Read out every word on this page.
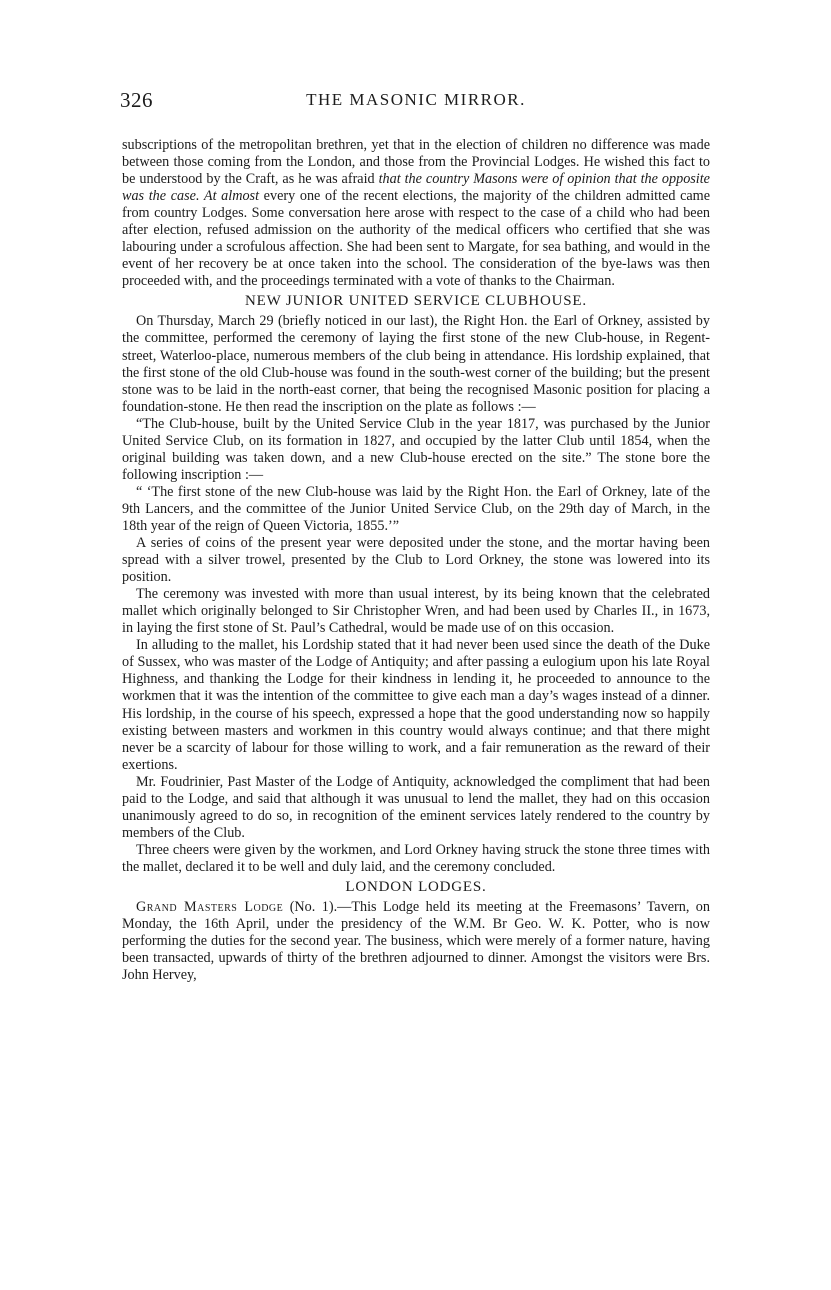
326	THE MASONIC MIRROR.

subscriptions of the metropolitan brethren, yet that in the election of children no difference was made between those coming from the London, and those from the Provincial Lodges. He wished this fact to be understood by the Craft, as he was afraid that the country Masons were of opinion that the opposite was the case. At almost every one of the recent elections, the majority of the children admitted came from country Lodges. Some conversation here arose with respect to the case of a child who had been after election, refused admission on the authority of the medical officers who certified that she was labouring under a scrofulous affection. She had been sent to Margate, for sea bathing, and would in the event of her recovery be at once taken into the school. The consideration of the bye-laws was then proceeded with, and the proceedings terminated with a vote of thanks to the Chairman.

NEW JUNIOR UNITED SERVICE CLUBHOUSE.

On Thursday, March 29 (briefly noticed in our last), the Right Hon. the Earl of Orkney, assisted by the committee, performed the ceremony of laying the first stone of the new Club-house, in Regent-street, Waterloo-place, numerous members of the club being in attendance. His lordship explained, that the first stone of the old Club-house was found in the south-west corner of the building; but the present stone was to be laid in the north-east corner, that being the recognised Masonic position for placing a foundation-stone. He then read the inscription on the plate as follows :—

“The Club-house, built by the United Service Club in the year 1817, was purchased by the Junior United Service Club, on its formation in 1827, and occupied by the latter Club until 1854, when the original building was taken down, and a new Club-house erected on the site.” The stone bore the following inscription :—

“ ‘The first stone of the new Club-house was laid by the Right Hon. the Earl of Orkney, late of the 9th Lancers, and the committee of the Junior United Service Club, on the 29th day of March, in the 18th year of the reign of Queen Victoria, 1855.’”

A series of coins of the present year were deposited under the stone, and the mortar having been spread with a silver trowel, presented by the Club to Lord Orkney, the stone was lowered into its position.

The ceremony was invested with more than usual interest, by its being known that the celebrated mallet which originally belonged to Sir Christopher Wren, and had been used by Charles II., in 1673, in laying the first stone of St. Paul’s Cathedral, would be made use of on this occasion.

In alluding to the mallet, his Lordship stated that it had never been used since the death of the Duke of Sussex, who was master of the Lodge of Antiquity; and after passing a eulogium upon his late Royal Highness, and thanking the Lodge for their kindness in lending it, he proceeded to announce to the workmen that it was the intention of the committee to give each man a day’s wages instead of a dinner. His lordship, in the course of his speech, expressed a hope that the good understanding now so happily existing between masters and workmen in this country would always continue; and that there might never be a scarcity of labour for those willing to work, and a fair remuneration as the reward of their exertions.

Mr. Foudrinier, Past Master of the Lodge of Antiquity, acknowledged the compliment that had been paid to the Lodge, and said that although it was unusual to lend the mallet, they had on this occasion unanimously agreed to do so, in recognition of the eminent services lately rendered to the country by members of the Club.

Three cheers were given by the workmen, and Lord Orkney having struck the stone three times with the mallet, declared it to be well and duly laid, and the ceremony concluded.

LONDON LODGES.

Grand Masters Lodge (No. 1).—This Lodge held its meeting at the Freemasons’ Tavern, on Monday, the 16th April, under the presidency of the W.M. Br Geo. W. K. Potter, who is now performing the duties for the second year. The business, which were merely of a former nature, having been transacted, upwards of thirty of the brethren adjourned to dinner. Amongst the visitors were Brs. John Hervey,
